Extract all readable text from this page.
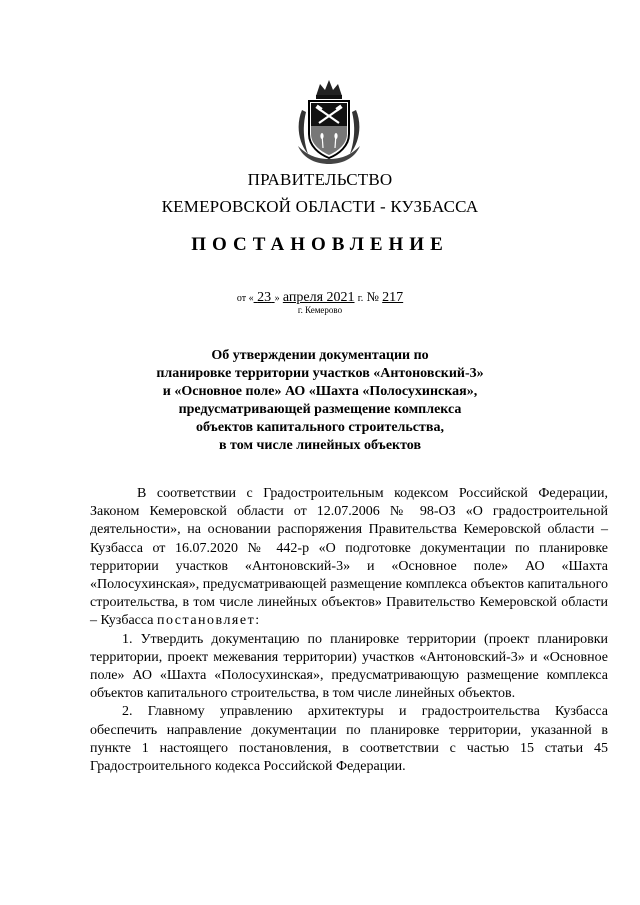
ПРАВИТЕЛЬСТВО
КЕМЕРОВСКОЙ ОБЛАСТИ - КУЗБАССА
ПОСТАНОВЛЕНИЕ
от « 23 » апреля 2021 г. № 217
г. Кемерово
Об утверждении документации по
планировке территории участков «Антоновский-3»
и «Основное поле» АО «Шахта «Полосухинская»,
предусматривающей размещение комплекса
объектов капитального строительства,
в том числе линейных объектов

В соответствии с Градостроительным кодексом Российской Федерации, Законом Кемеровской области от 12.07.2006 № 98-ОЗ «О градостроительной деятельности», на основании распоряжения Правительства Кемеровской области – Кузбасса от 16.07.2020 № 442-р «О подготовке документации по планировке территории участков «Антоновский-3» и «Основное поле» АО «Шахта «Полосухинская», предусматривающей размещение комплекса объектов капитального строительства, в том числе линейных объектов» Правительство Кемеровской области – Кузбасса постановляет:

1. Утвердить документацию по планировке территории (проект планировки территории, проект межевания территории) участков «Антоновский-3» и «Основное поле» АО «Шахта «Полосухинская», предусматривающую размещение комплекса объектов капитального строительства, в том числе линейных объектов.

2. Главному управлению архитектуры и градостроительства Кузбасса обеспечить направление документации по планировке территории, указанной в пункте 1 настоящего постановления, в соответствии с частью 15 статьи 45 Градостроительного кодекса Российской Федерации.
